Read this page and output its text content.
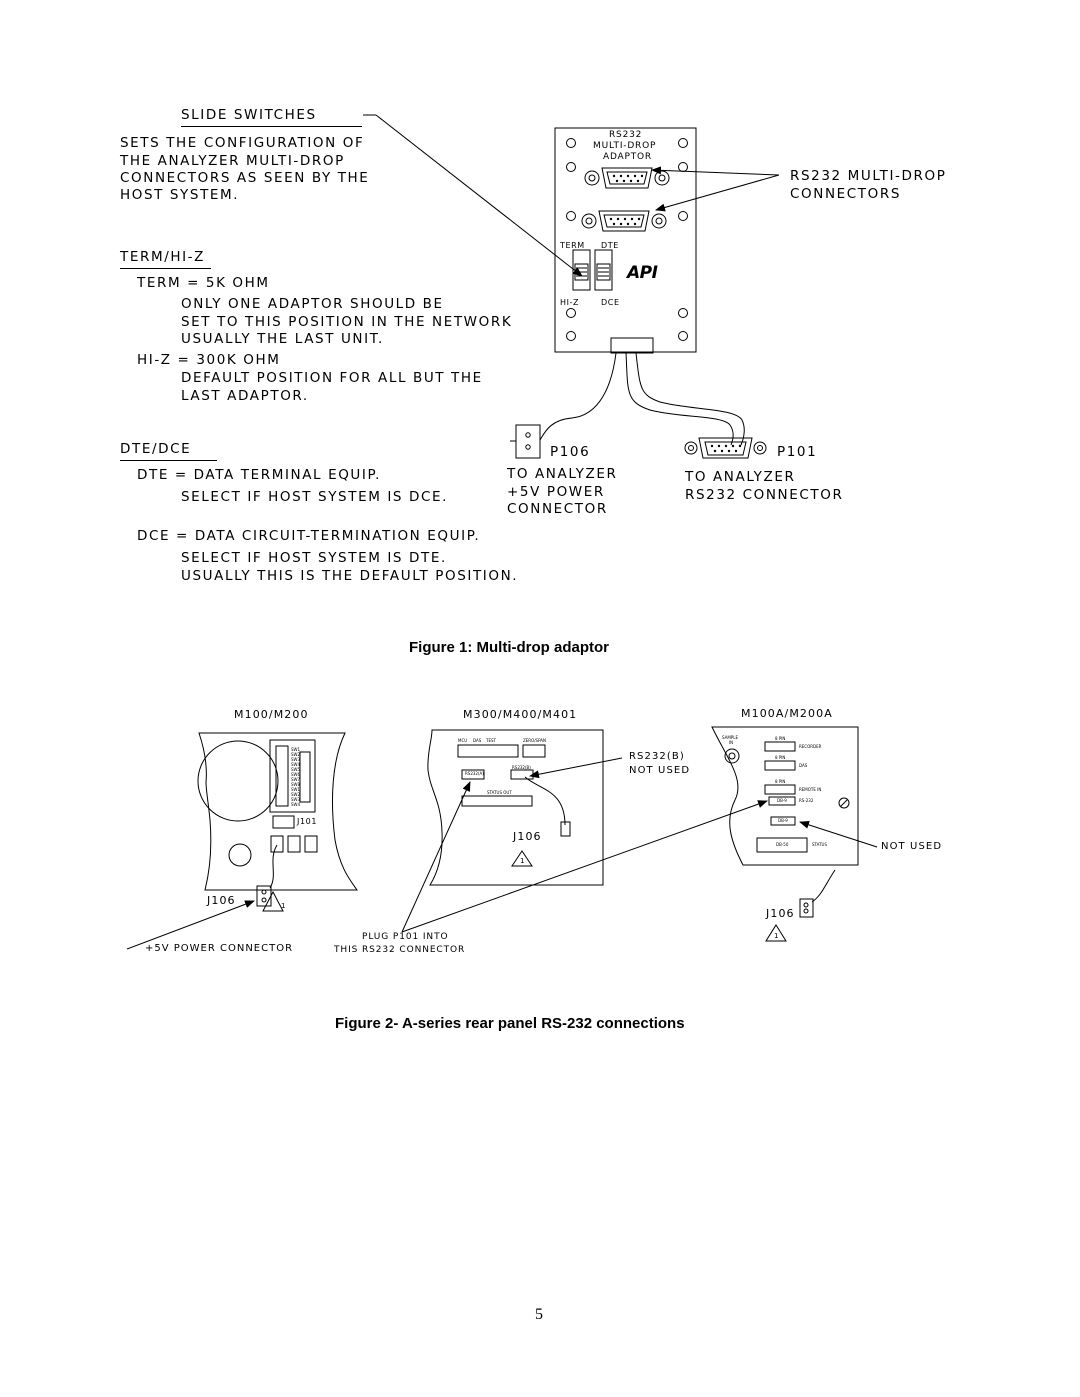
SLIDE SWITCHES
SETS THE CONFIGURATION OF
THE ANALYZER MULTI-DROP
CONNECTORS AS SEEN BY THE
HOST SYSTEM.
TERM/HI-Z
TERM = 5K OHM
ONLY ONE ADAPTOR SHOULD BE
SET TO THIS POSITION IN THE NETWORK
USUALLY THE LAST UNIT.
HI-Z = 300K OHM
DEFAULT POSITION FOR ALL BUT THE
LAST ADAPTOR.
DTE/DCE
DTE = DATA TERMINAL EQUIP.
SELECT IF HOST SYSTEM IS DCE.
DCE = DATA CIRCUIT-TERMINATION EQUIP.
SELECT IF HOST SYSTEM IS DTE.
USUALLY THIS IS THE DEFAULT POSITION.
RS232
MULTI-DROP
ADAPTOR
TERM DTE
HI-Z	DCE
API
RS232 MULTI-DROP
CONNECTORS
P106
TO ANALYZER
+5V POWER
CONNECTOR
P101
TO ANALYZER
RS232 CONNECTOR
Figure 1: Multi-drop adaptor
M100/M200	M300/M400/M401	M100A/M200A
SW1
SW2
SW3
SW4
SW5
SW6
SW7
SW8
SW1
SW2
SW3
SW4
J101
J106	1
+5V POWER CONNECTOR
MCU DAS TEST	ZERO/SPAN
RS232(A)
RS232(B)
STATUS OUT
RS232(B)
NOT USED
J106
1
PLUG P101 INTO
THIS RS232 CONNECTOR
SAMPLE
IN
8 PIN
8 PIN
8 PIN
RECORDER
DAS
REMOTE IN
RS-232
STATUS
DB-9
DB-9
DB-50	NOT USED
J106
1
Figure 2- A-series rear panel RS-232 connections
5
